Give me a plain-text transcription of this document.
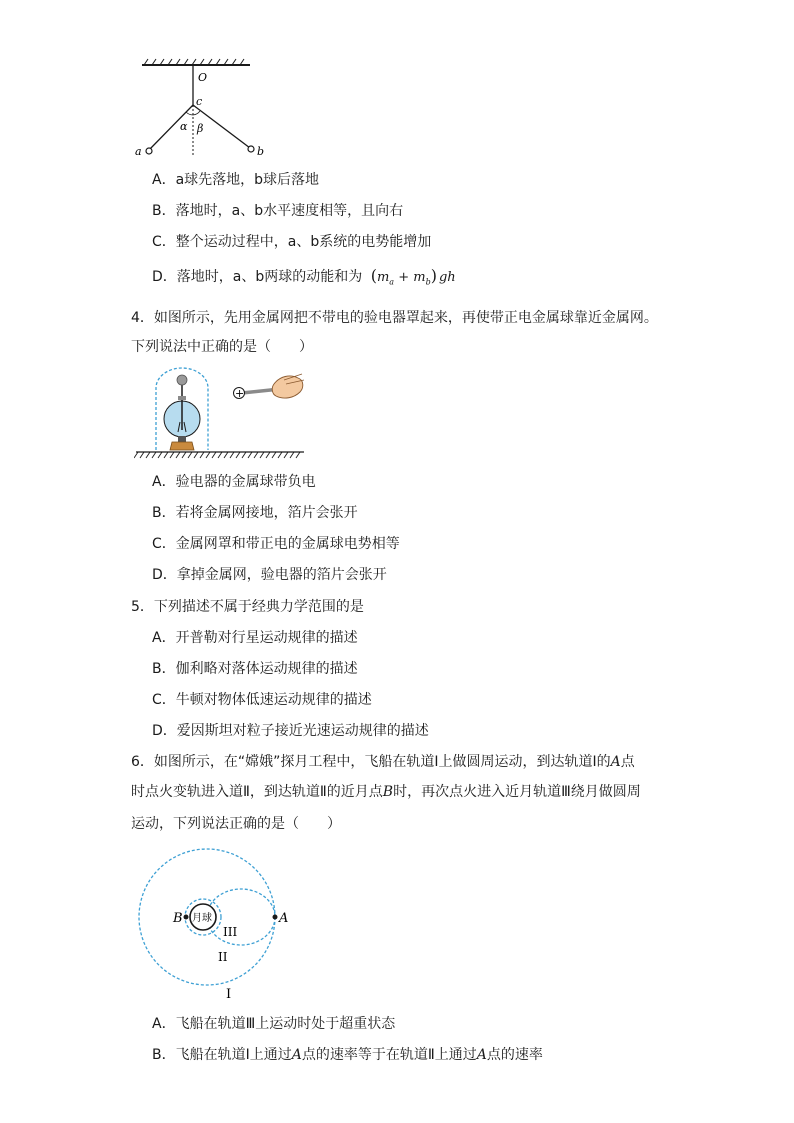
O
c
α β
a	b
A．a球先落地，b球后落地
B．落地时，a、b水平速度相等，且向右
C．整个运动过程中，a、b系统的电势能增加
D．落地时，a、b两球的动能和为 $(m_a + m_b)$ gh
4．如图所示，先用金属网把不带电的验电器罩起来，再使带正电金属球靠近金属网。
下列说法中正确的是（　　）
+
A．验电器的金属球带负电
B．若将金属网接地，箔片会张开
C．金属网罩和带正电的金属球电势相等
D．拿掉金属网，验电器的箔片会张开
5．下列描述不属于经典力学范围的是
A．开普勒对行星运动规律的描述
B．伽利略对落体运动规律的描述
C．牛顿对物体低速运动规律的描述
D．爱因斯坦对粒子接近光速运动规律的描述
6．如图所示，在“嫦娥”探月工程中，飞船在轨道Ⅰ上做圆周运动，到达轨道Ⅰ的A点
时点火变轨进入道Ⅱ，到达轨道Ⅱ的近月点B时，再次点火进入近月轨道Ⅲ绕月做圆周
运动，下列说法正确的是（　　）
月球
B	A
III
II
I
A．飞船在轨道Ⅲ上运动时处于超重状态
B．飞船在轨道Ⅰ上通过A点的速率等于在轨道Ⅱ上通过A点的速率
